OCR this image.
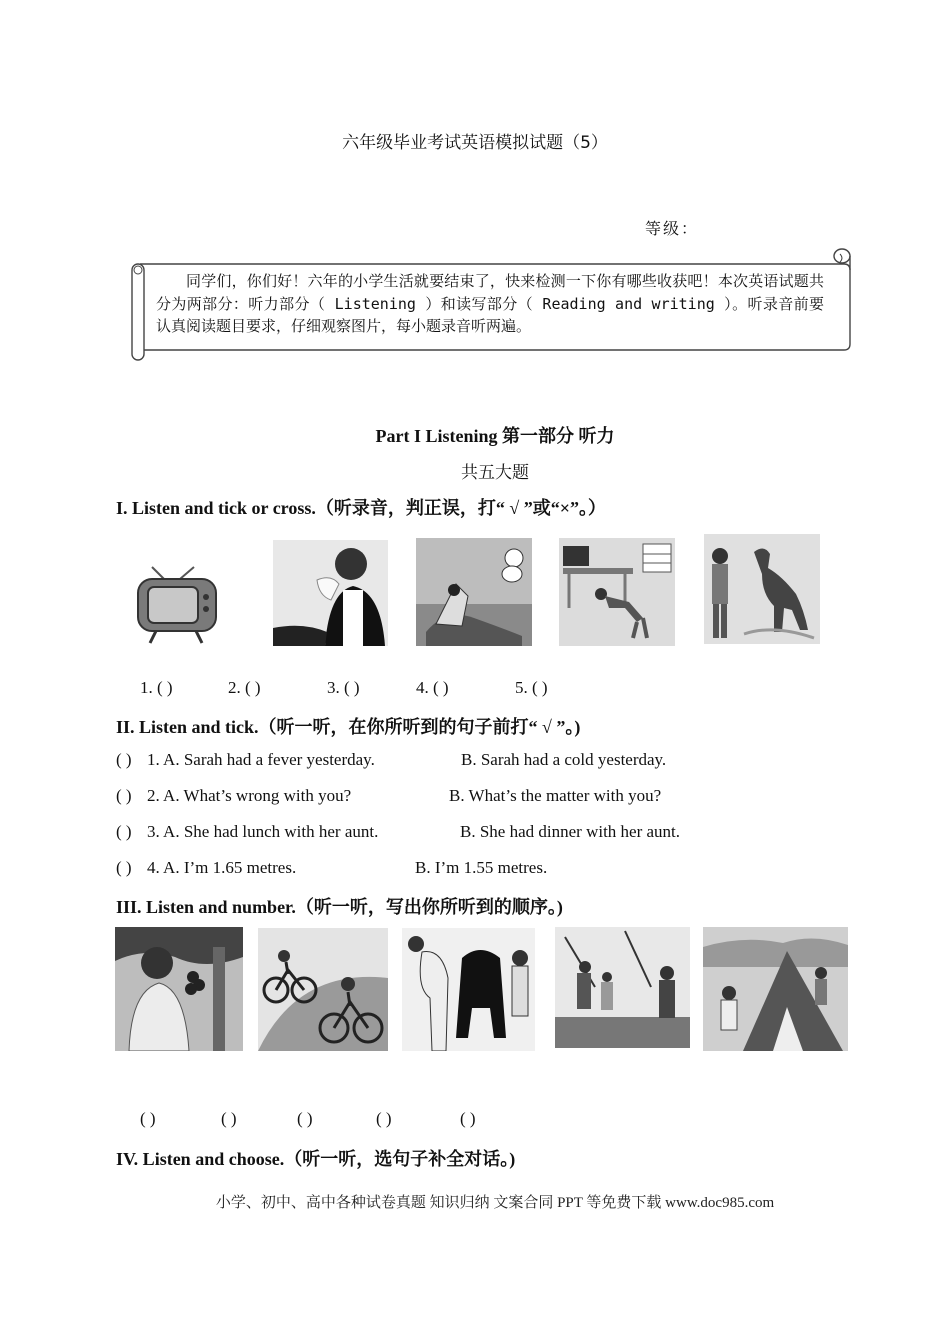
六年级毕业考试英语模拟试题（5）
等级：
同学们，你们好！六年的小学生活就要结束了，快来检测一下你有哪些收获吧！本次英语试题共分为两部分：听力部分（ Listening ）和读写部分（ Reading and writing ）。听录音前要认真阅读题目要求，仔细观察图片，每小题录音听两遍。
Part I Listening 第一部分 听力
共五大题
I. Listen and tick or cross.（听录音，判正误，打“ √ ”或“×”。）
1. ( )	2. ( )	3. ( )	4. ( )	5. ( )
II. Listen and tick.（听一听，在你所听到的句子前打“ √ ”。)
( ) 1. A. Sarah had a fever yesterday.	B. Sarah had a cold yesterday.
( ) 2. A. What’s wrong with you?	B. What’s the matter with you?
( ) 3. A. She had lunch with her aunt.	B. She had dinner with her aunt.
( ) 4. A. I’m 1.65 metres.	B. I’m 1.55 metres.
III. Listen and number.（听一听，写出你所听到的顺序。)
( )	( )	( )	( )	( )
IV. Listen and choose.（听一听，选句子补全对话。)
小学、初中、高中各种试卷真题 知识归纳 文案合同 PPT 等免费下载 www.doc985.com
